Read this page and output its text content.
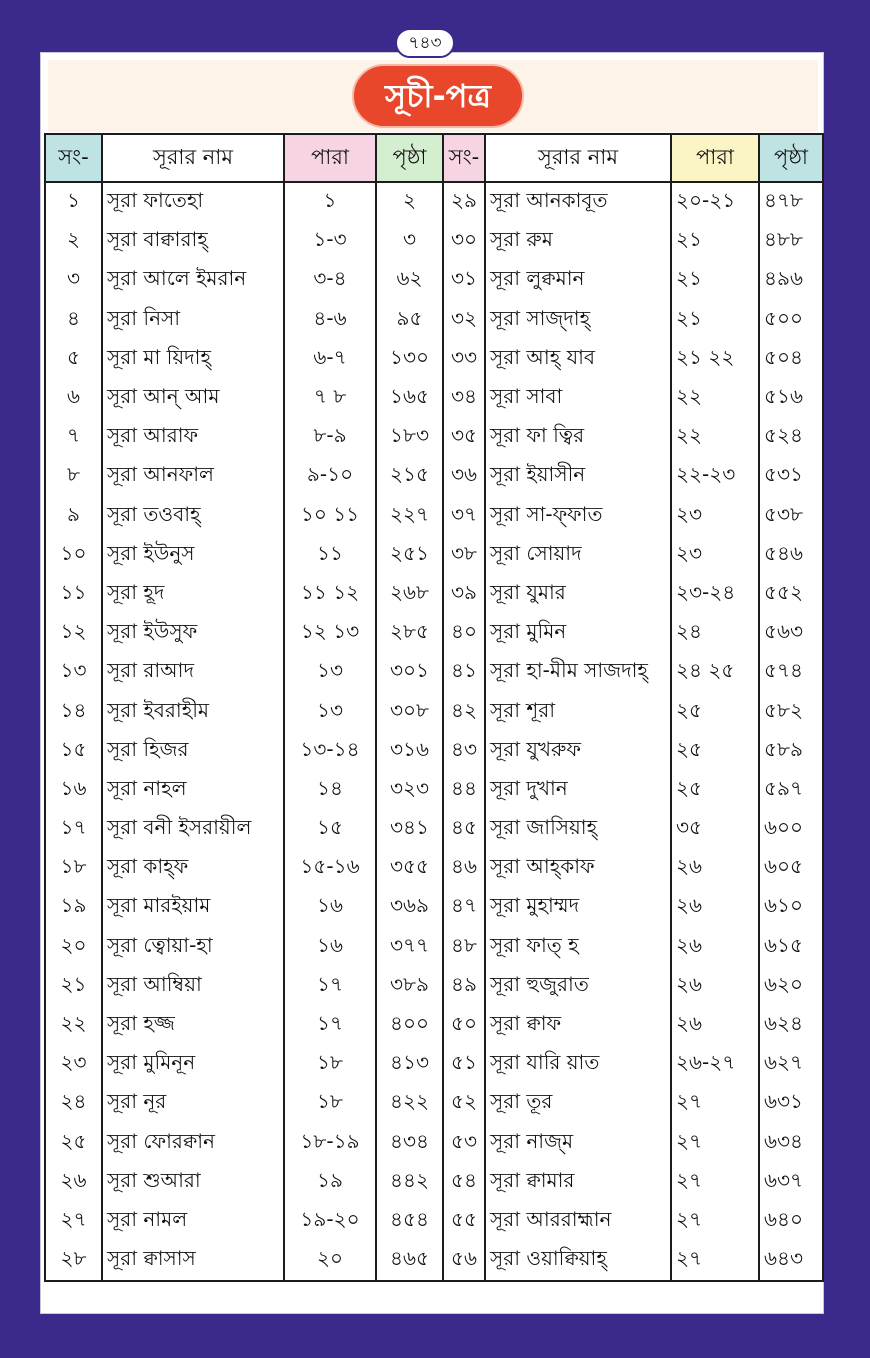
৭৪৩
সূচী-পত্র
সং-	সূরার নাম	পারা	পৃষ্ঠা	সং-	সূরার নাম	পারা	পৃষ্ঠা
১	সূরা ফাতেহা	১	২	২৯	সূরা আনকাবূত	২০-২১	৪৭৮
২	সূরা বাক্বারাহ্	১-৩	৩	৩০	সূরা রুম	২১	৪৮৮
৩	সূরা আলে ইমরান	৩-৪	৬২	৩১	সূরা লুক্বমান	২১	৪৯৬
৪	সূরা নিসা	৪-৬	৯৫	৩২	সূরা সাজ্দাহ্	২১	৫০০
৫	সূরা মা য়িদাহ্	৬-৭	১৩০	৩৩	সূরা আহ্ যাব	২১ ২২	৫০৪
৬	সূরা আন্ আম	৭ ৮	১৬৫	৩৪	সূরা সাবা	২২	৫১৬
৭	সূরা আরাফ	৮-৯	১৮৩	৩৫	সূরা ফা ত্বির	২২	৫২৪
৮	সূরা আনফাল	৯-১০	২১৫	৩৬	সূরা ইয়াসীন	২২-২৩	৫৩১
৯	সূরা তওবাহ্	১০ ১১	২২৭	৩৭	সূরা সা-ফ্ফাত	২৩	৫৩৮
১০	সূরা ইউনুস	১১	২৫১	৩৮	সূরা সোয়াদ	২৩	৫৪৬
১১	সূরা হূদ	১১ ১২	২৬৮	৩৯	সূরা যুমার	২৩-২৪	৫৫২
১২	সূরা ইউসুফ	১২ ১৩	২৮৫	৪০	সূরা মুমিন	২৪	৫৬৩
১৩	সূরা রাআদ	১৩	৩০১	৪১	সূরা হা-মীম সাজদাহ্	২৪ ২৫	৫৭৪
১৪	সূরা ইবরাহীম	১৩	৩০৮	৪২	সূরা শূরা	২৫	৫৮২
১৫	সূরা হিজর	১৩-১৪	৩১৬	৪৩	সূরা যুখরুফ	২৫	৫৮৯
১৬	সূরা নাহল	১৪	৩২৩	৪৪	সূরা দুখান	২৫	৫৯৭
১৭	সূরা বনী ইসরায়ীল	১৫	৩৪১	৪৫	সূরা জাসিয়াহ্	৩৫	৬০০
১৮	সূরা কাহ্ফ	১৫-১৬	৩৫৫	৪৬	সূরা আহ্কাফ	২৬	৬০৫
১৯	সূরা মারইয়াম	১৬	৩৬৯	৪৭	সূরা মুহাম্মদ	২৬	৬১০
২০	সূরা ত্বোয়া-হা	১৬	৩৭৭	৪৮	সূরা ফাত্ হ	২৬	৬১৫
২১	সূরা আম্বিয়া	১৭	৩৮৯	৪৯	সূরা হুজুরাত	২৬	৬২০
২২	সূরা হজ্জ	১৭	৪০০	৫০	সূরা ক্বাফ	২৬	৬২৪
২৩	সূরা মুমিনূন	১৮	৪১৩	৫১	সূরা যারি য়াত	২৬-২৭	৬২৭
২৪	সূরা নূর	১৮	৪২২	৫২	সূরা তূর	২৭	৬৩১
২৫	সূরা ফোরক্বান	১৮-১৯	৪৩৪	৫৩	সূরা নাজ্ম	২৭	৬৩৪
২৬	সূরা শুআরা	১৯	৪৪২	৫৪	সূরা ক্বামার	২৭	৬৩৭
২৭	সূরা নামল	১৯-২০	৪৫৪	৫৫	সূরা আররাহ্মান	২৭	৬৪০
২৮	সূরা ক্বাসাস	২০	৪৬৫	৫৬	সূরা ওয়াক্বিয়াহ্	২৭	৬৪৩
